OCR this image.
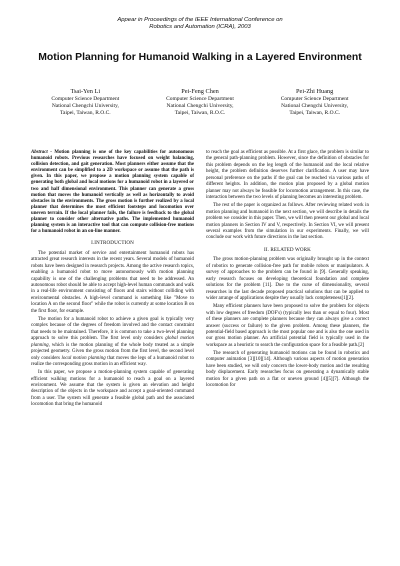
Appear in Proceedings of the IEEE International Conference on
Robotics and Automation (ICRA), 2003
Motion Planning for Humanoid Walking in a Layered Environment
Tsai-Yen Li
Computer Science Department
National Chengchi University,
Taipei, Taiwan, R.O.C.
Pei-Feng Chen
Computer Science Department
National Chengchi University,
Taipei, Taiwan, R.O.C.
Pei-Zhi Huang
Computer Science Department
National Chengchi University,
Taipei, Taiwan, R.O.C.

Abstract - Motion planning is one of the key capabilities for autonomous humanoid robots. Previous researches have focused on weight balancing, collision detection, and gait generation. Most planners either assume that the environment can be simplified to a 2D workspace or assume that the path is given. In this paper, we propose a motion planning system capable of generating both global and local motions for a humanoid robot in a layered or two and half dimensional environment. This planner can generate a gross motion that moves the humanoid vertically as well as horizontally to avoid obstacles in the environments. The gross motion is further realized by a local planner that determines the most efficient footsteps and locomotion over uneven terrain. If the local planner fails, the failure is feedback to the global planner to consider other alternative paths. The implemented humanoid planning system is an interactive tool that can compute collision-free motions for a humanoid robot in an on-line manner.

I.INTRODUCTION

The potential market of service and entertainment humanoid robots has attracted great research interests in the recent years. Several models of humanoid robots have been designed in research projects. Among the active research topics, enabling a humanoid robot to move autonomously with motion planning capability is one of the challenging problems that need to be addressed. An autonomous robot should be able to accept high-level human commands and walk in a real-life environment consisting of floors and stairs without colliding with environmental obstacles. A high-level command is something like "Move to location A on the second floor" while the robot is currently at some location B on the first floor, for example.

The motion for a humanoid robot to achieve a given goal is typically very complex because of the degrees of freedom involved and the contact constraint that needs to be maintained. Therefore, it is common to take a two-level planning approach to solve this problem. The first level only considers global motion planning, which is the motion planning of the whole body treated as a simple projected geometry. Given the gross motion from the first level, the second level only considers local motion planning that moves the legs of a humanoid robot to realize the corresponding gross motion in an efficient way.

In this paper, we propose a motion-planning system capable of generating efficient walking motions for a humanoid to reach a goal on a layered environment. We assume that the system is given an elevation and height description of the objects in the workspace and accept a goal-oriented command from a user. The system will generate a feasible global path and the associated locomotion that bring the humanoid

to reach the goal as efficient as possible. At a first glace, the problem is similar to the general path-planning problem. However, since the definition of obstacles for this problem depends on the leg length of the humanoid and the local relative height, the problem definition deserves further clarification. A user may have personal preference on the paths if the goal can be reached via various paths of different heights. In addition, the motion plan proposed by a global motion planner may not always be feasible for locomotion arrangement. In this case, the interaction between the two levels of planning becomes an interesting problem.

The rest of the paper is organized as follows. After reviewing related work in motion planning and humanoid in the next section, we will describe in details the problem we consider in this paper. Then, we will then present our global and local motion planners in Section IV and V, respectively. In Section VI, we will present several examples from the simulation in our experiments. Finally, we will conclude our work with future directions in the last section.

II. RELATED WORK

The gross motion-planning problem was originally brought up in the context of robotics to generate collision-free path for mobile robots or manipulators. A survey of approaches to the problem can be found in [9]. Generally speaking, early research focuses on developing theoretical foundation and complete solutions for the problem [11]. Due to the curse of dimensionality, several researches in the last decade proposed practical solutions that can be applied to wider arrange of applications despite they usually lack completeness[1][2].

Many efficient planners have been proposed to solve the problem for objects with low degrees of freedom (DOF's) (typically less than or equal to four). Most of these planners are complete planners because they can always give a correct answer (success or failure) to the given problem. Among these planners, the potential-field based approach is the most popular one and is also the one used in our gross motion planner. An artificial potential field is typically used in the workspace as a heuristic to search the configuration space for a feasible path.[2]

The research of generating humanoid motions can be found in robotics and computer animation [3][10][14]. Although various aspects of motion generation have been studied, we will only concern the lower-body motion and the resulting body displacement. Early researches focus on generating a dynamically stable motion for a given path on a flat or uneven ground [4][5][7]. Although the locomotion for
